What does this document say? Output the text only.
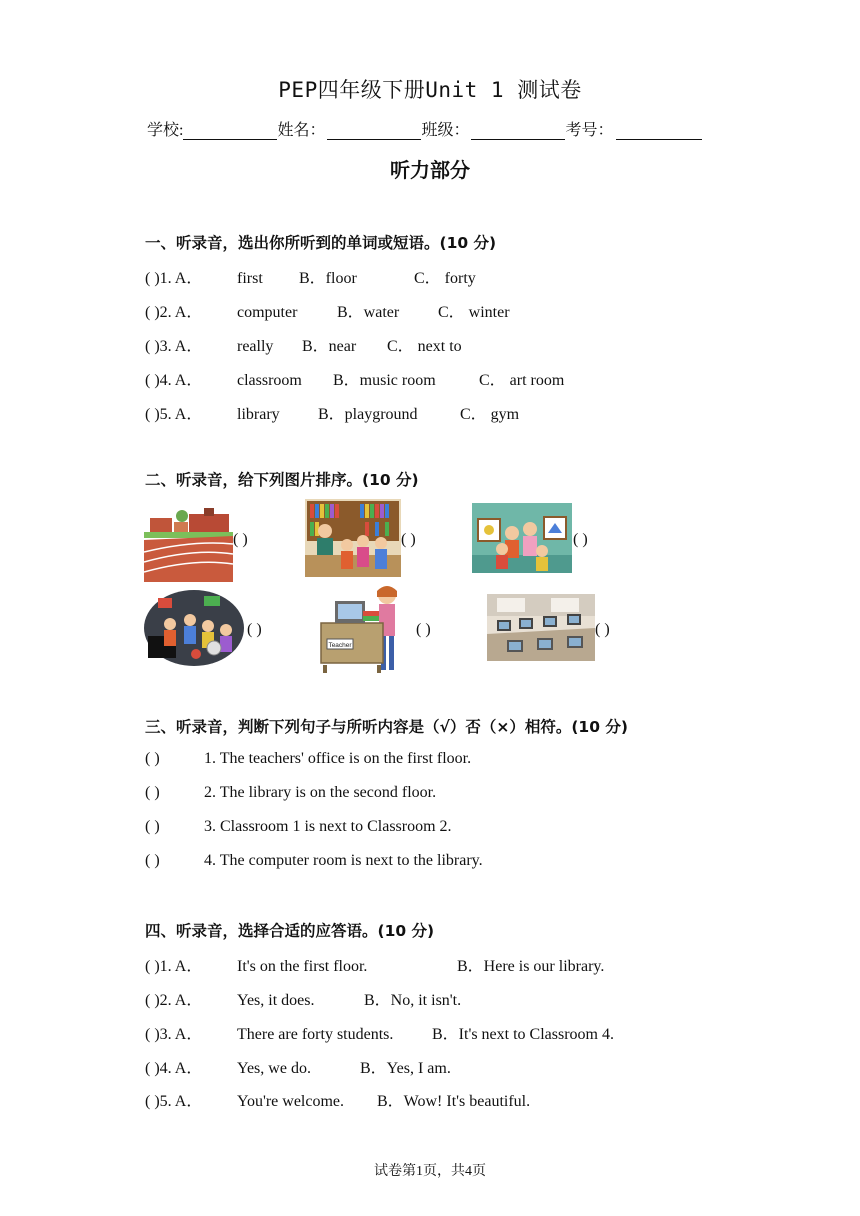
PEP四年级下册Unit 1 测试卷
学校:	姓名：	班级：	考号：
听力部分
一、听录音，选出你所听到的单词或短语。(10 分)
( )1. A． first B．floor	C． forty
( )2. A． computer B．water C． winter
( )3. A． really B．near C． next to
( )4. A． classroom B．music room	C． art room
( )5. A． library B．playground	C． gym
二、听录音，给下列图片排序。(10 分)
( )	( )	( )
( )
Teacher
( )	( )
三、听录音，判断下列句子与所听内容是（√）否（×）相符。(10 分)
( )	1. The teachers' office is on the first floor.
( )	2. The library is on the second floor.
( )	3. Classroom 1 is next to Classroom 2.
( )	4. The computer room is next to the library.
四、听录音，选择合适的应答语。(10 分)
( )1. A． It's on the first floor.	B．Here is our library.
( )2. A． Yes, it does.	B．No, it isn't.
( )3. A． There are forty students. B．It's next to Classroom 4.
( )4. A． Yes, we do.	B．Yes, I am.
( )5. A． You're welcome. B．Wow! It's beautiful.
试卷第1页，共4页
